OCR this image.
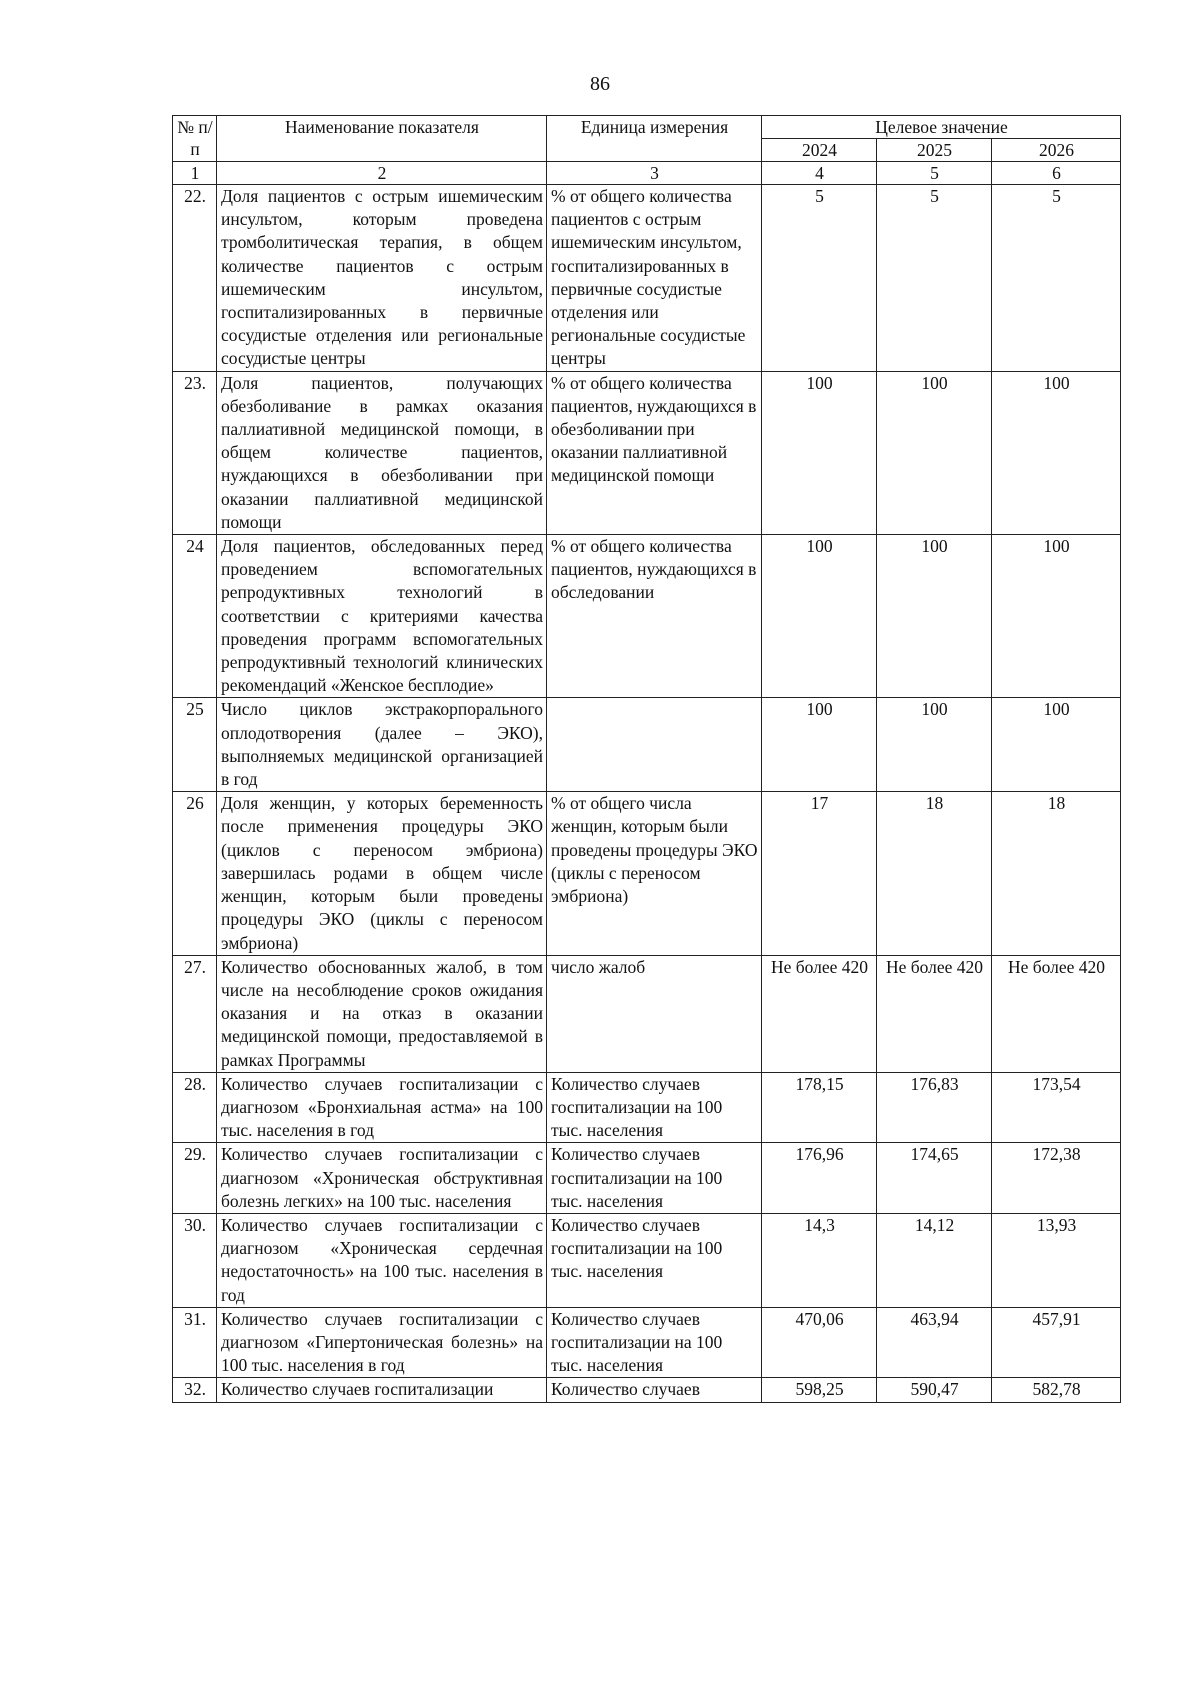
86
№ п/п	Наименование показателя	Единица измерения	Целевое значение		
			2024	2025	2026
1	2	3	4	5	6
22.	Доля пациентов с острым ишемическим инсультом, которым проведена тромболитическая терапия, в общем количестве пациентов с острым ишемическим инсультом, госпитализированных в первичные сосудистые отделения или региональные сосудистые центры	% от общего количества пациентов с острым ишемическим инсультом, госпитализированных в первичные сосудистые отделения или региональные сосудистые центры	5	5	5
23.	Доля пациентов, получающих обезболивание в рамках оказания паллиативной медицинской помощи, в общем количестве пациентов, нуждающихся в обезболивании при оказании паллиативной медицинской помощи	% от общего количества пациентов, нуждающихся в обезболивании при оказании паллиативной медицинской помощи	100	100	100
24	Доля пациентов, обследованных перед проведением вспомогательных репродуктивных технологий в соответствии с критериями качества проведения программ вспомогательных репродуктивный технологий клинических рекомендаций «Женское бесплодие»	% от общего количества пациентов, нуждающихся в обследовании	100	100	100
25	Число циклов экстракорпорального оплодотворения (далее – ЭКО), выполняемых медицинской организацией в год		100	100	100
26	Доля женщин, у которых беременность после применения процедуры ЭКО (циклов с переносом эмбриона) завершилась родами в общем числе женщин, которым были проведены процедуры ЭКО (циклы с переносом эмбриона)	% от общего числа женщин, которым были проведены процедуры ЭКО (циклы с переносом эмбриона)	17	18	18
27.	Количество обоснованных жалоб, в том числе на несоблюдение сроков ожидания оказания и на отказ в оказании медицинской помощи, предоставляемой в рамках Программы	число жалоб	Не более 420	Не более 420	Не более 420
28.	Количество случаев госпитализации с диагнозом «Бронхиальная астма» на 100 тыс. населения в год	Количество случаев госпитализации на 100 тыс. населения	178,15	176,83	173,54
29.	Количество случаев госпитализации с диагнозом «Хроническая обструктивная болезнь легких» на 100 тыс. населения	Количество случаев госпитализации на 100 тыс. населения	176,96	174,65	172,38
30.	Количество случаев госпитализации с диагнозом «Хроническая сердечная недостаточность» на 100 тыс. населения в год	Количество случаев госпитализации на 100 тыс. населения	14,3	14,12	13,93
31.	Количество случаев госпитализации с диагнозом «Гипертоническая болезнь» на 100 тыс. населения в год	Количество случаев госпитализации на 100 тыс. населения	470,06	463,94	457,91
32.	Количество случаев госпитализации	Количество случаев	598,25	590,47	582,78
